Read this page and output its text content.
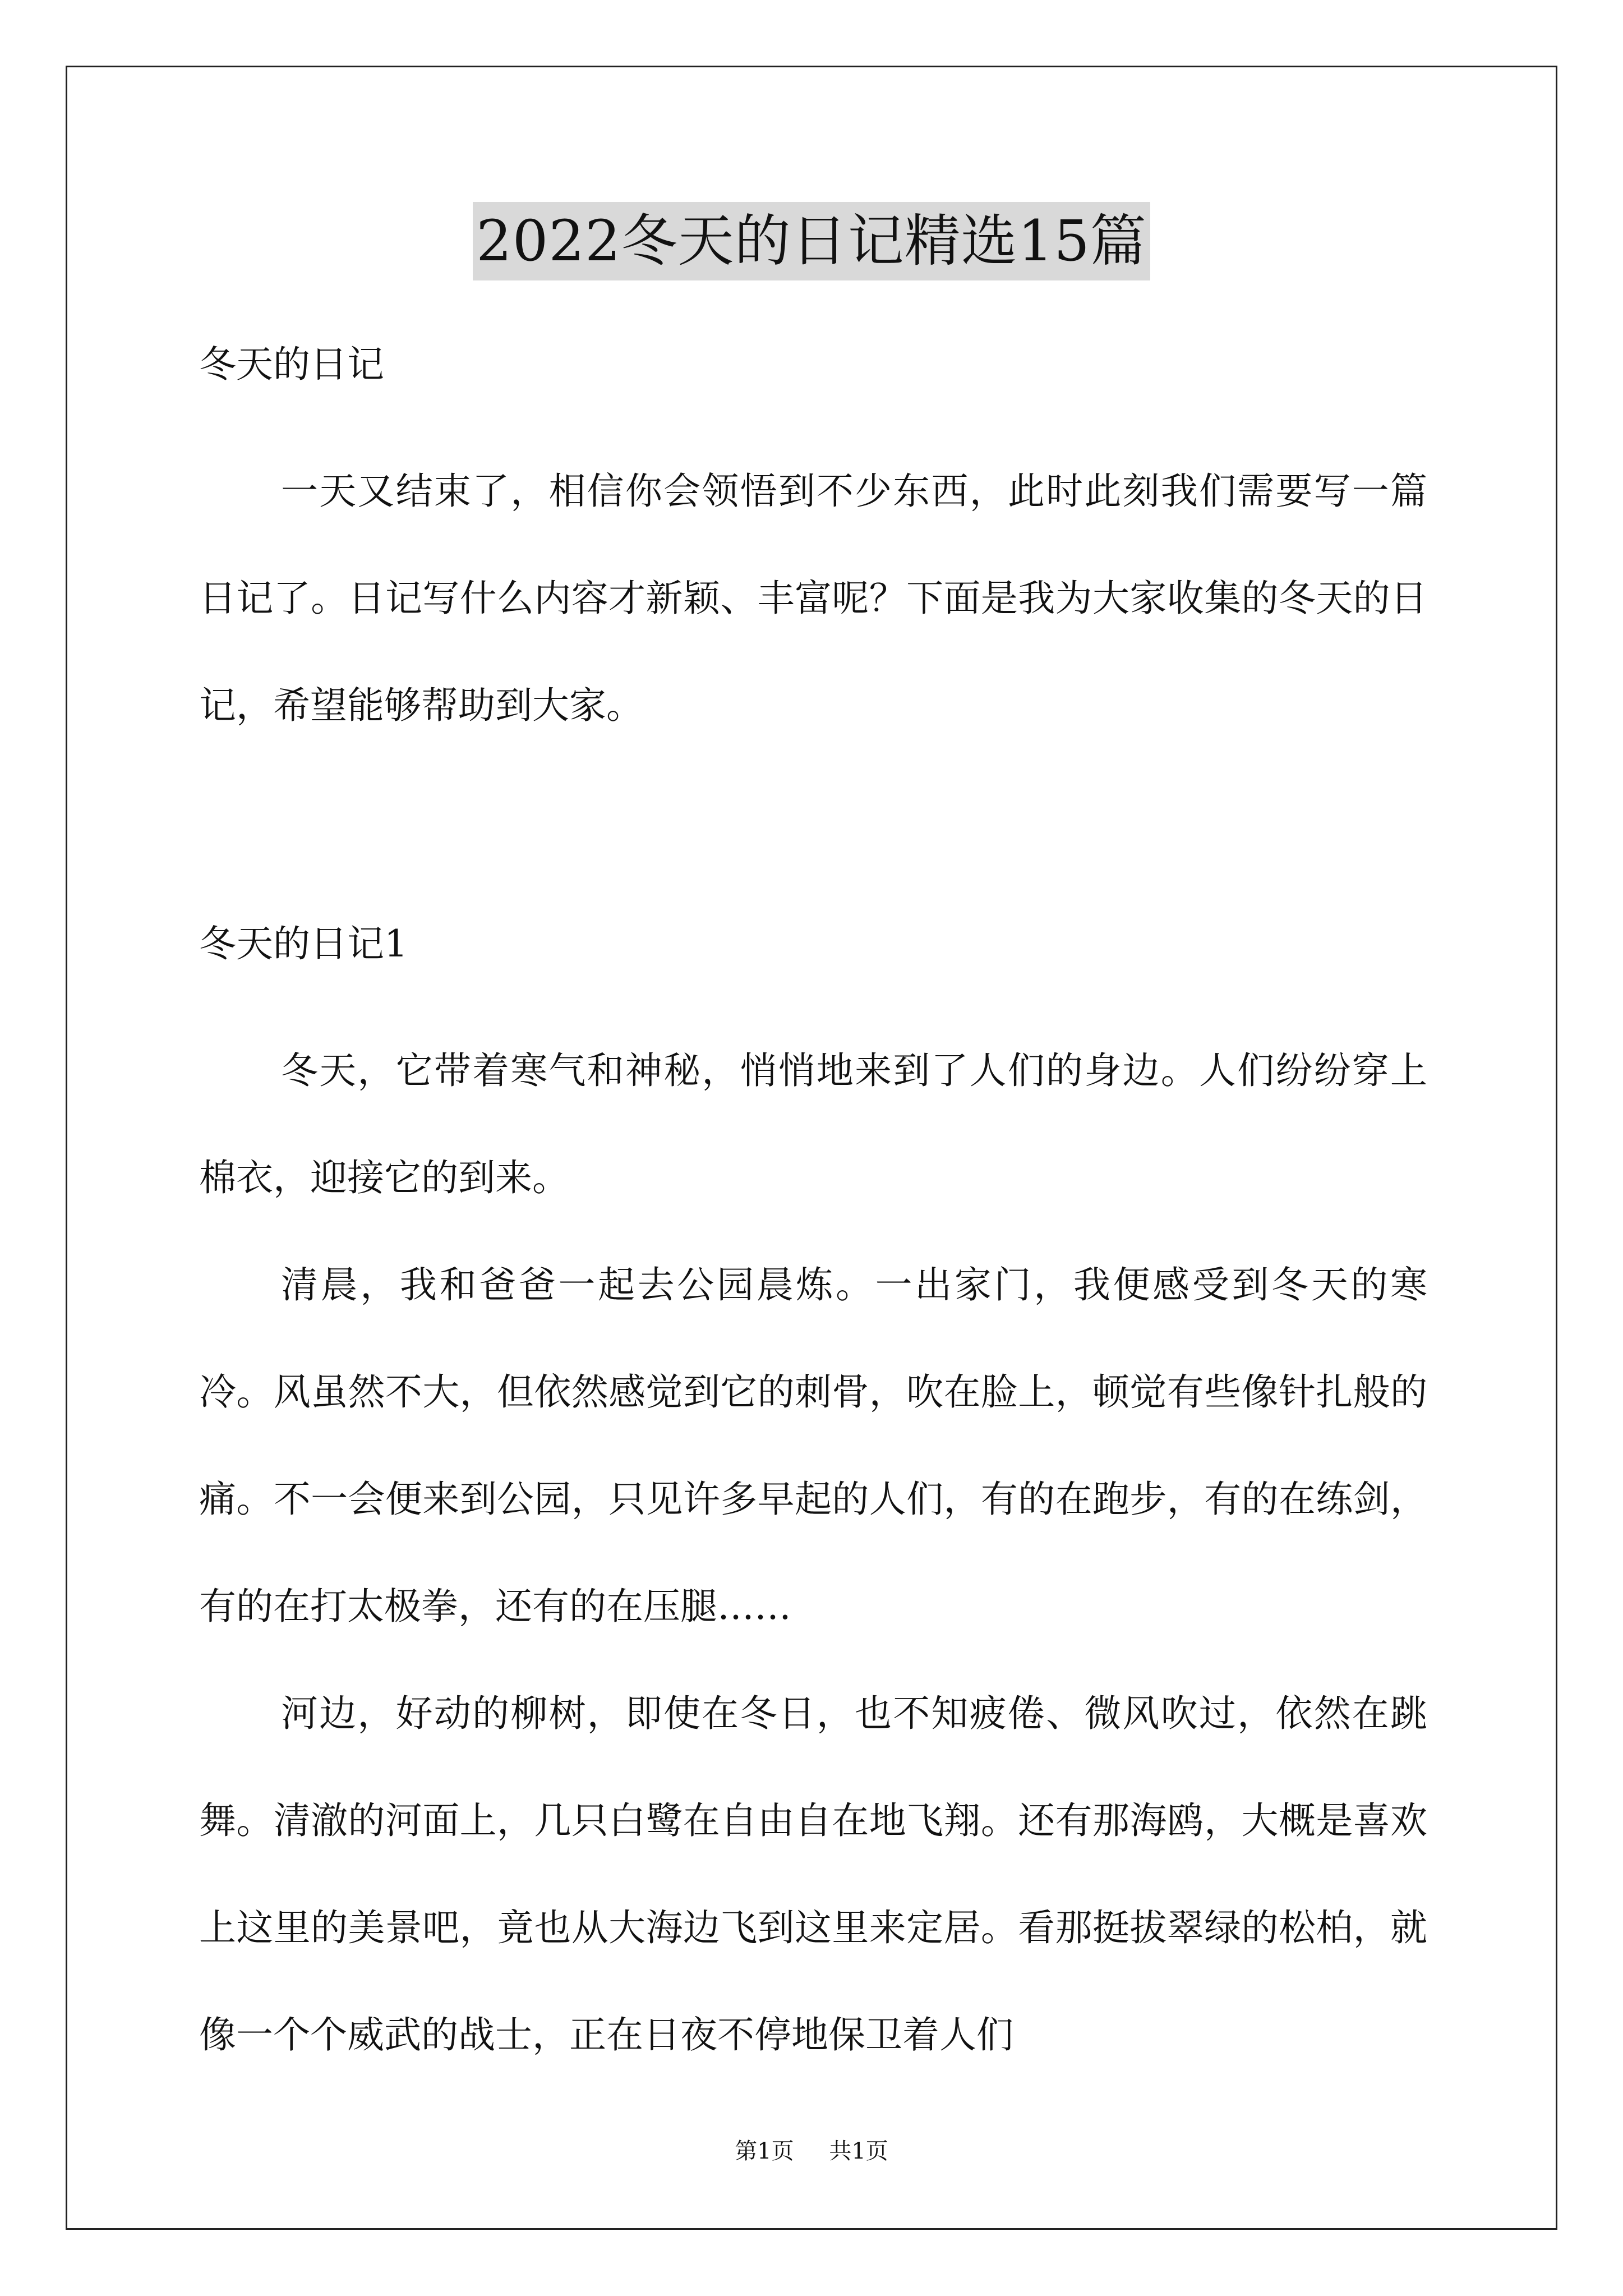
2022冬天的日记精选15篇

冬天的日记

一天又结束了，相信你会领悟到不少东西，此时此刻我们需要写一篇日记了。日记写什么内容才新颖、丰富呢？下面是我为大家收集的冬天的日记，希望能够帮助到大家。

冬天的日记1

冬天，它带着寒气和神秘，悄悄地来到了人们的身边。人们纷纷穿上棉衣，迎接它的到来。

清晨，我和爸爸一起去公园晨炼。一出家门，我便感受到冬天的寒冷。风虽然不大，但依然感觉到它的刺骨，吹在脸上，顿觉有些像针扎般的痛。不一会便来到公园，只见许多早起的人们，有的在跑步，有的在练剑，有的在打太极拳，还有的在压腿……

河边，好动的柳树，即使在冬日，也不知疲倦、微风吹过，依然在跳舞。清澈的河面上，几只白鹭在自由自在地飞翔。还有那海鸥，大概是喜欢上这里的美景吧，竟也从大海边飞到这里来定居。看那挺拔翠绿的松柏，就像一个个威武的战士，正在日夜不停地保卫着人们

第1页 共1页
